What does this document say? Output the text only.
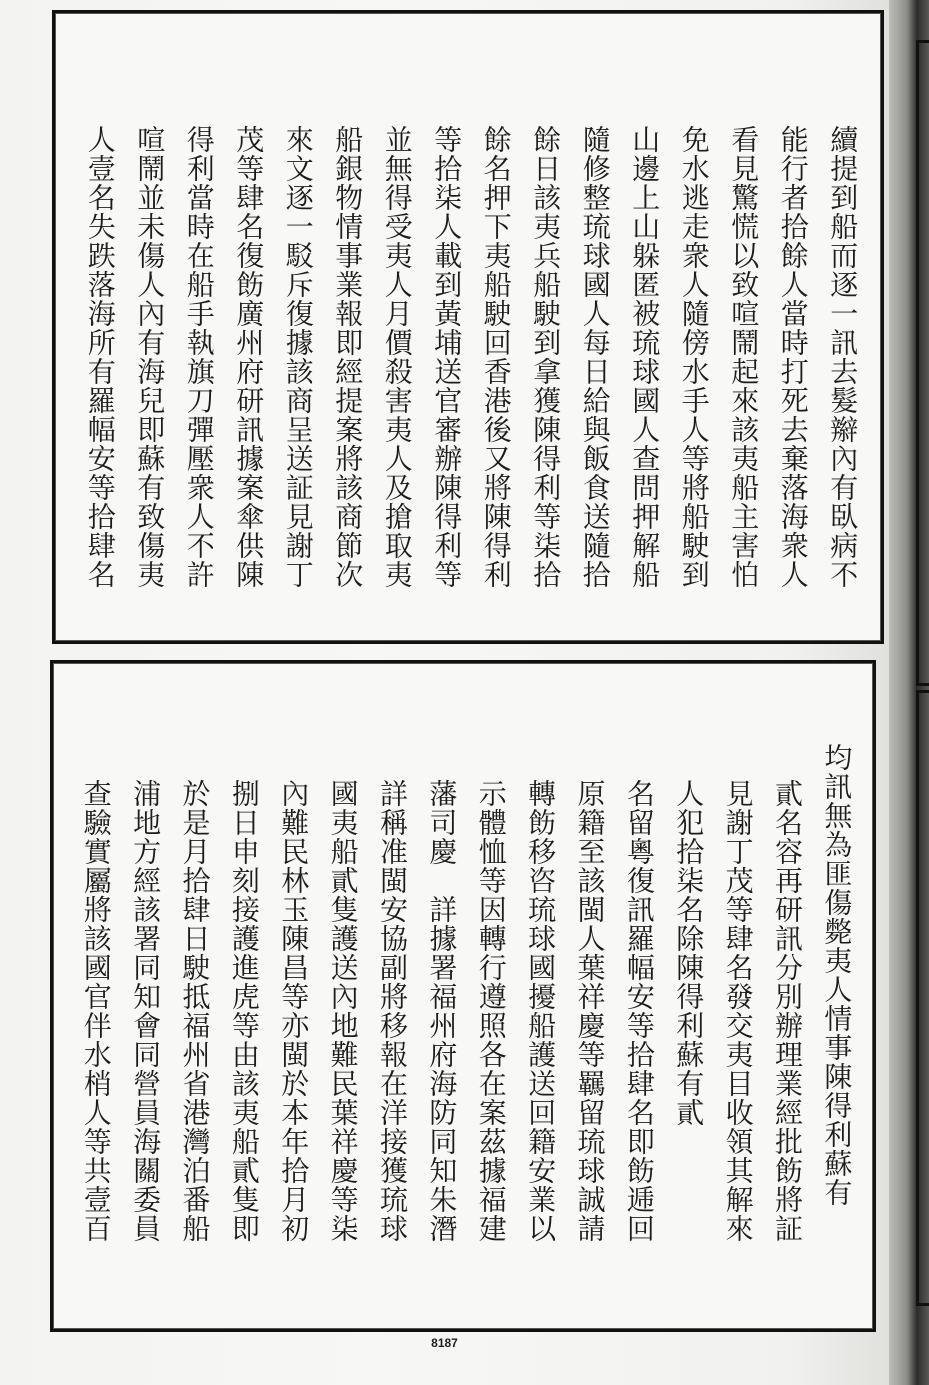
續提到船而逐一訊去髮辮內有臥病不
能行者拾餘人當時打死去棄落海衆人
看見驚慌以致喧鬧起來該夷船主害怕
免水逃走衆人隨傍水手人等將船駛到
山邊上山躲匿被琉球國人查問押解船
隨修整琉球國人每日給與飯食送隨拾
餘日該夷兵船駛到拿獲陳得利等柒拾
餘名押下夷船駛回香港後又將陳得利
等拾柒人載到黃埔送官審辦陳得利等
並無得受夷人月價殺害夷人及搶取夷
船銀物情事業報即經提案將該商節次
來文逐一駁斥復據該商呈送証見謝丁
茂等肆名復飭廣州府研訊據案傘供陳
得利當時在船手執旗刀彈壓衆人不許
喧鬧並未傷人內有海兒即蘇有致傷夷
人壹名失跌落海所有羅幅安等拾肆名
均訊無為匪傷斃夷人情事陳得利蘇有
貳名容再研訊分別辦理業經批飭將証
見謝丁茂等肆名發交夷目收領其解來
人犯拾柒名除陳得利蘇有貳
名留粵復訊羅幅安等拾肆名即飭逓回
原籍至該閩人葉祥慶等羈留琉球誠請
轉飭移咨琉球國擾船護送回籍安業以
示體恤等因轉行遵照各在案茲據福建
藩司慶　詳據署福州府海防同知朱潛
詳稱准閩安協副將移報在洋接獲琉球
國夷船貳隻護送內地難民葉祥慶等柒
內難民林玉陳昌等亦閩於本年拾月初
捌日申刻接護進虎等由該夷船貳隻即
於是月拾肆日駛抵福州省港灣泊番船
浦地方經該署同知會同營員海關委員
查驗實屬將該國官伴水梢人等共壹百
8187
